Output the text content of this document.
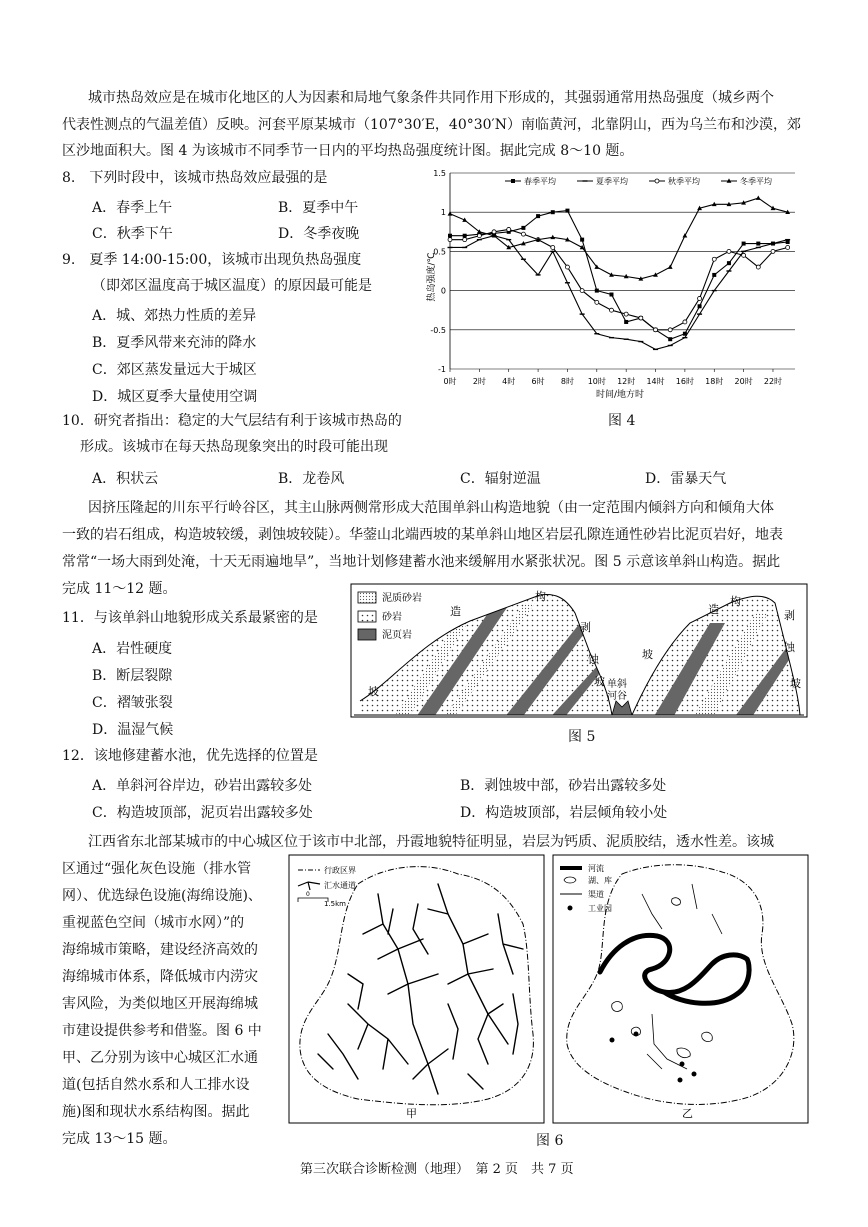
城市热岛效应是在城市化地区的人为因素和局地气象条件共同作用下形成的，其强弱通常用热岛强度（城乡两个
代表性测点的气温差值）反映。河套平原某城市（107°30′E，40°30′N）南临黄河，北靠阴山，西为乌兰布和沙漠，郊
区沙地面积大。图 4 为该城市不同季节一日内的平均热岛强度统计图。据此完成 8～10 题。
8.　下列时段中，该城市热岛效应最强的是
A．春季上午	B．夏季中午
C．秋季下午	D．冬季夜晚
9.　夏季 14:00-15:00，该城市出现负热岛强度
（即郊区温度高于城区温度）的原因最可能是
A．城、郊热力性质的差异
B．夏季风带来充沛的降水
C．郊区蒸发量远大于城区
D．城区夏季大量使用空调
10．研究者指出：稳定的大气层结有利于该城市热岛的
形成。该城市在每天热岛现象突出的时段可能出现
A．积状云	B．龙卷风	C．辐射逆温	D．雷暴天气
1.5
1
0.5
0
-0.5
-1
0时 2时 4时 6时 8时 10时 12时 14时 16时 18时 20时 22时
春季平均	夏季平均	秋季平均	冬季平均
热岛强度/℃
时间/地方时
图 4
因挤压隆起的川东平行岭谷区，其主山脉两侧常形成大范围单斜山构造地貌（由一定范围内倾斜方向和倾角大体
一致的岩石组成，构造坡较缓，剥蚀坡较陡）。华蓥山北端西坡的某单斜山地区岩层孔隙连通性砂岩比泥页岩好，地表
常常“一场大雨到处淹，十天无雨遍地旱”，当地计划修建蓄水池来缓解用水紧张状况。图 5 示意该单斜山构造。据此
完成 11～12 题。
11．与该单斜山地貌形成关系最紧密的是
A．岩性硬度
B．断层裂隙
C．褶皱张裂
D．温湿气候
泥质砂岩
砂岩
泥页岩
造
构
坡
剥
蚀
坡 单斜
河谷
造
构
坡
剥
蚀
坡
图 5
12．该地修建蓄水池，优先选择的位置是
A．单斜河谷岸边，砂岩出露较多处	B．剥蚀坡中部，砂岩出露较多处
C．构造坡顶部，泥页岩出露较多处	D．构造坡顶部，岩层倾角较小处
江西省东北部某城市的中心城区位于该市中北部，丹霞地貌特征明显，岩层为钙质、泥质胶结，透水性差。该城
区通过“强化灰色设施（排水管
网）、优选绿色设施(海绵设施)、
重视蓝色空间（城市水网）”的
海绵城市策略，建设经济高效的
海绵城市体系，降低城市内涝灾
害风险，为类似地区开展海绵城
市建设提供参考和借鉴。图 6 中
甲、乙分别为该中心城区汇水通
道(包括自然水系和人工排水设
施)图和现状水系结构图。据此
完成 13～15 题。
行政区界
汇水通道
0
1.5km
甲
河流
湖、库
渠道
工业园
乙
图 6
第三次联合诊断检测（地理）　第 2 页　共 7 页
